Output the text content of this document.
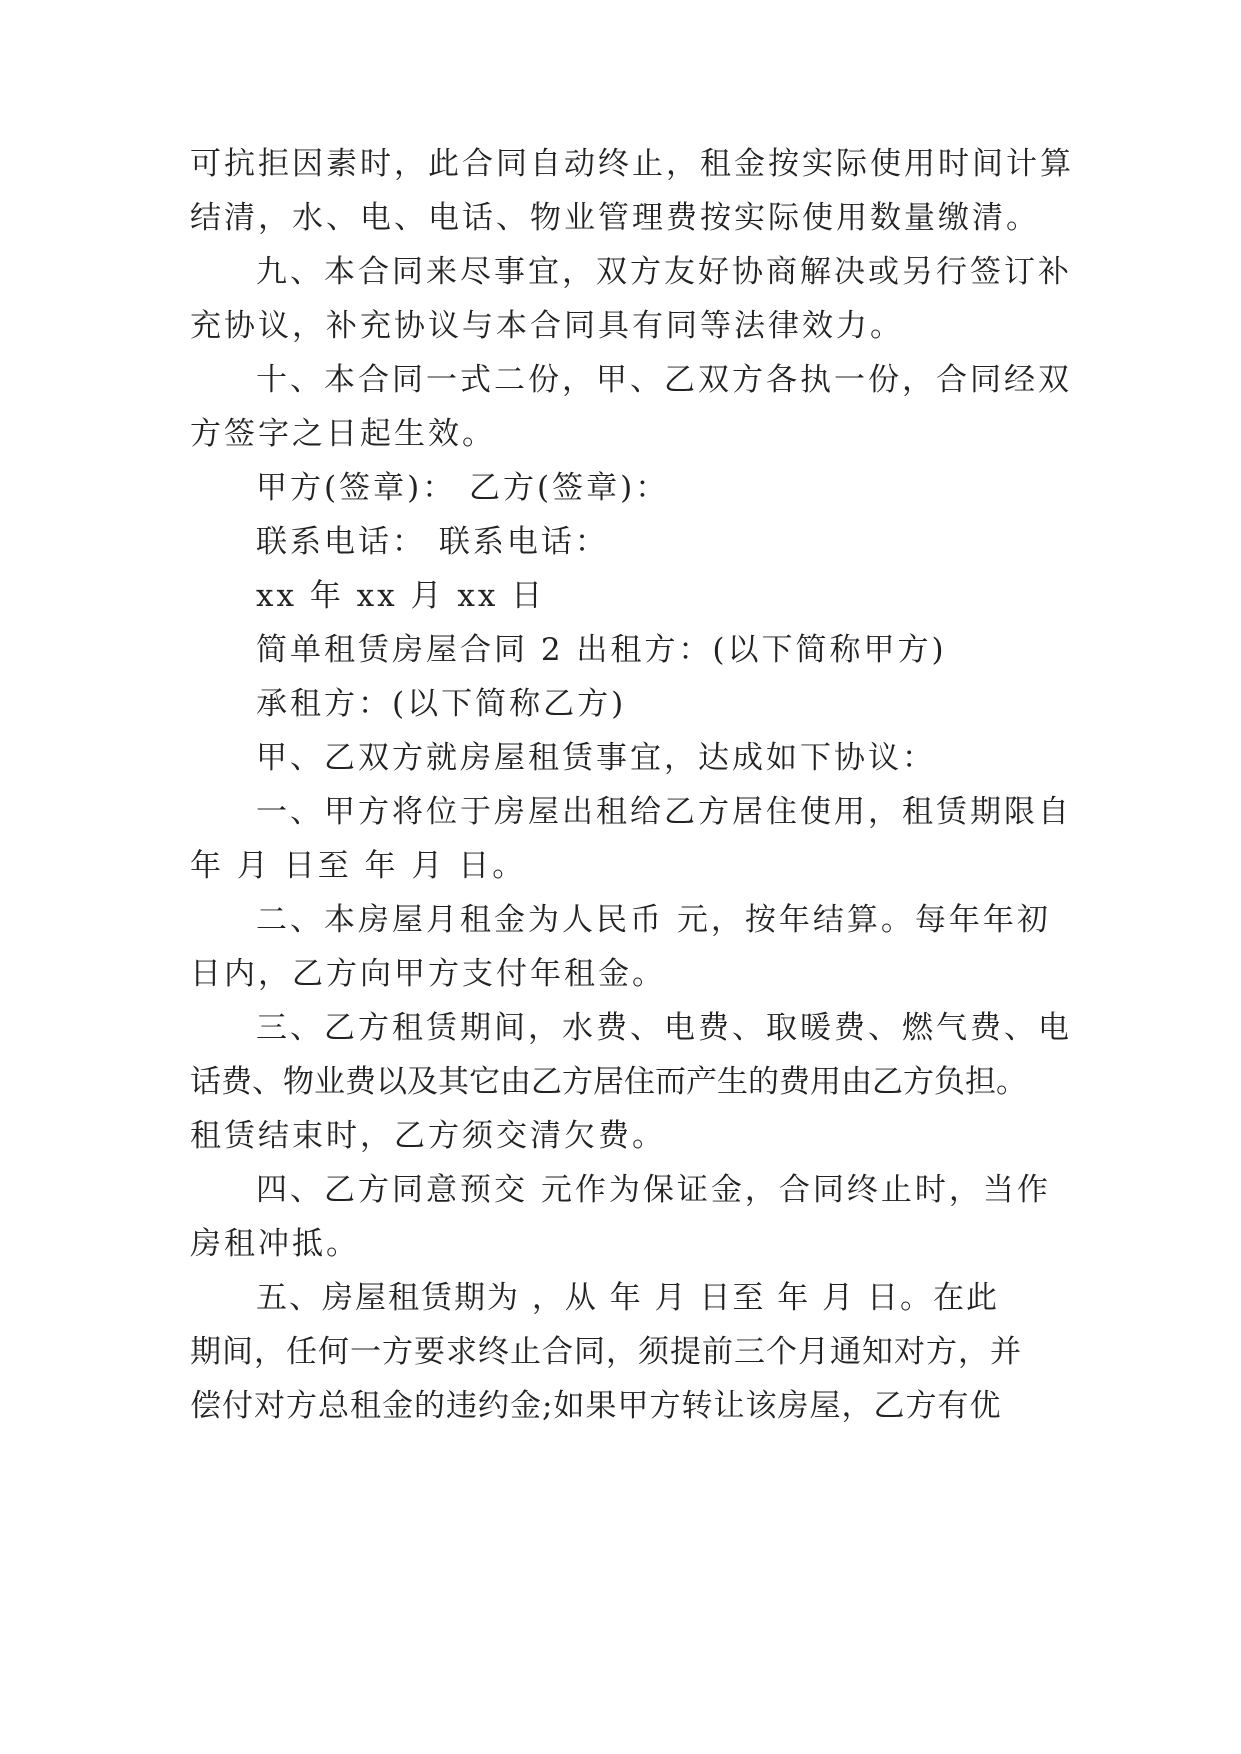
可抗拒因素时，此合同自动终止，租金按实际使用时间计算
结清，水、电、电话、物业管理费按实际使用数量缴清。
九、本合同来尽事宜，双方友好协商解决或另行签订补
充协议，补充协议与本合同具有同等法律效力。
十、本合同一式二份，甲、乙双方各执一份，合同经双
方签字之日起生效。
甲方(签章)： 乙方(签章)：
联系电话： 联系电话：
xx 年 xx 月 xx 日
简单租赁房屋合同 2 出租方：(以下简称甲方)
承租方：(以下简称乙方)
甲、乙双方就房屋租赁事宜，达成如下协议：
一、甲方将位于房屋出租给乙方居住使用，租赁期限自
年 月 日至 年 月 日。
二、本房屋月租金为人民币 元，按年结算。每年年初
日内，乙方向甲方支付年租金。
三、乙方租赁期间，水费、电费、取暖费、燃气费、电
话费、物业费以及其它由乙方居住而产生的费用由乙方负担。
租赁结束时，乙方须交清欠费。
四、乙方同意预交 元作为保证金，合同终止时，当作
房租冲抵。
五、房屋租赁期为 ，从 年 月 日至 年 月 日。在此
期间，任何一方要求终止合同，须提前三个月通知对方，并
偿付对方总租金的违约金;如果甲方转让该房屋，乙方有优
